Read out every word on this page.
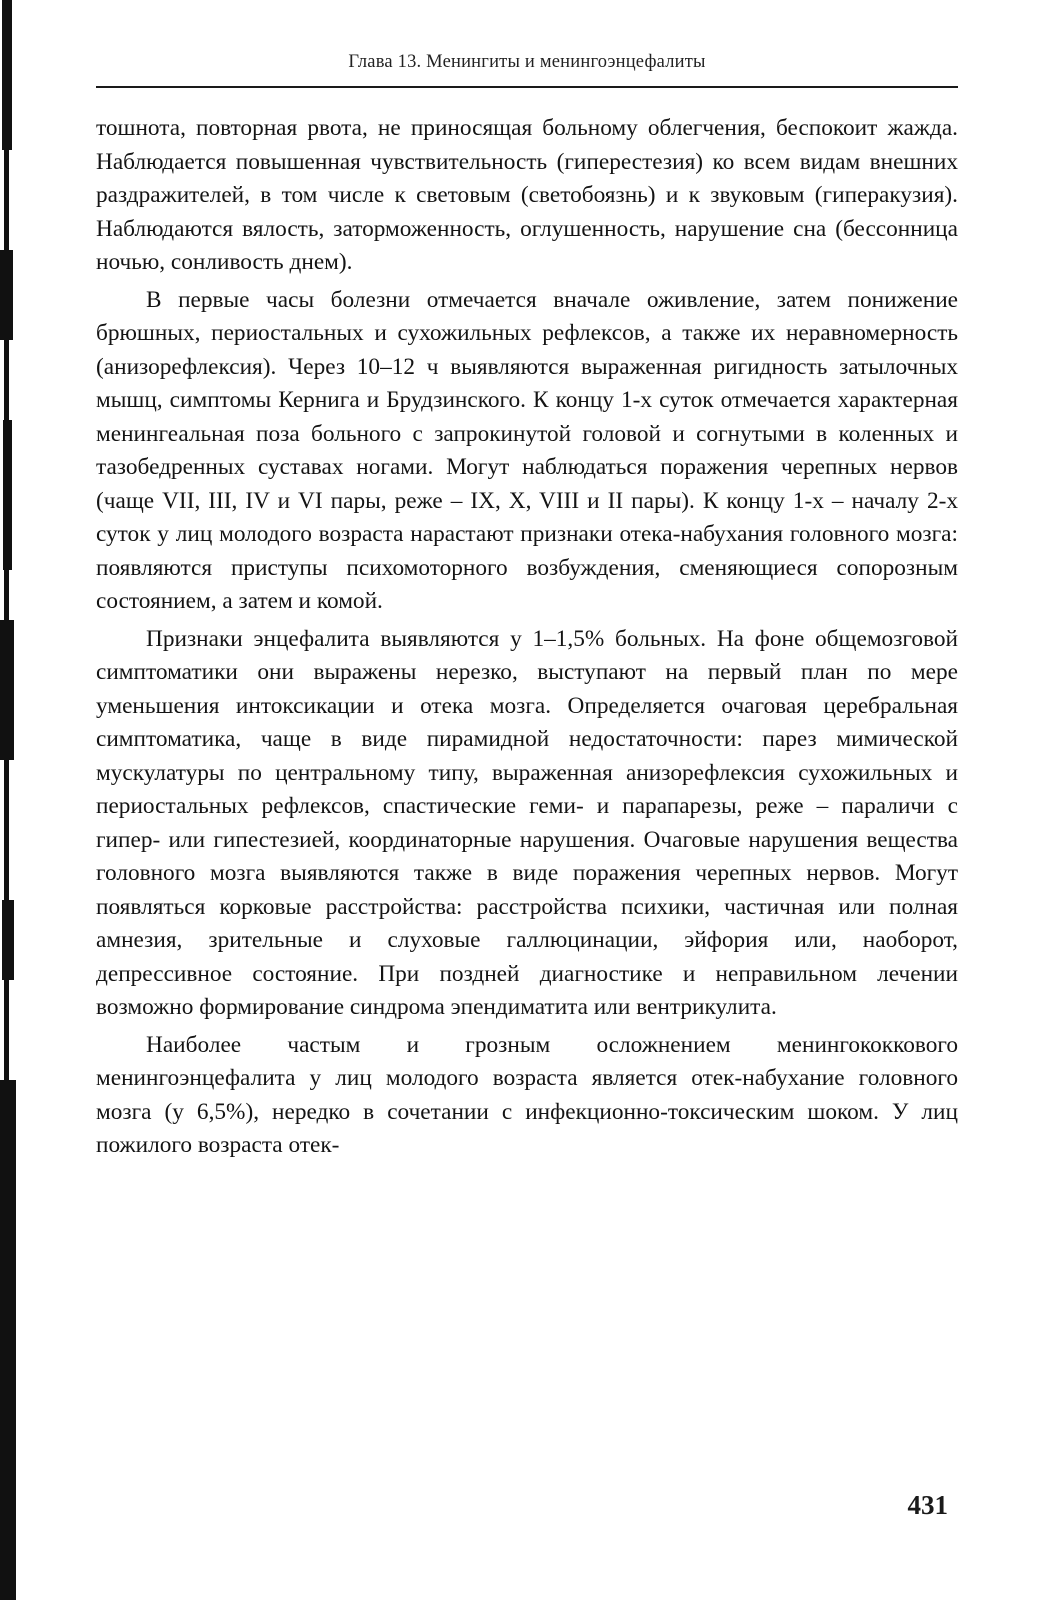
Глава 13. Менингиты и менингоэнцефалиты

тошнота, повторная рвота, не приносящая больному облегчения, беспокоит жажда. Наблюдается повышенная чувствительность (гиперестезия) ко всем видам внешних раздражителей, в том числе к световым (светобоязнь) и к звуковым (гиперакузия). Наблюдаются вялость, заторможенность, оглушенность, нарушение сна (бессонница ночью, сонливость днем).

В первые часы болезни отмечается вначале оживление, затем понижение брюшных, периостальных и сухожильных рефлексов, а также их неравномерность (анизорефлексия). Через 10–12 ч выявляются выраженная ригидность затылочных мышц, симптомы Кернига и Брудзинского. К концу 1-х суток отмечается характерная менингеальная поза больного с запрокинутой головой и согнутыми в коленных и тазобедренных суставах ногами. Могут наблюдаться поражения черепных нервов (чаще VII, III, IV и VI пары, реже – IX, X, VIII и II пары). К концу 1-х – началу 2-х суток у лиц молодого возраста нарастают признаки отека-набухания головного мозга: появляются приступы психомоторного возбуждения, сменяющиеся сопорозным состоянием, а затем и комой.

Признаки энцефалита выявляются у 1–1,5% больных. На фоне общемозговой симптоматики они выражены нерезко, выступают на первый план по мере уменьшения интоксикации и отека мозга. Определяется очаговая церебральная симптоматика, чаще в виде пирамидной недостаточности: парез мимической мускулатуры по центральному типу, выраженная анизорефлексия сухожильных и периостальных рефлексов, спастические геми- и парапарезы, реже – параличи с гипер- или гипестезией, координаторные нарушения. Очаговые нарушения вещества головного мозга выявляются также в виде поражения черепных нервов. Могут появляться корковые расстройства: расстройства психики, частичная или полная амнезия, зрительные и слуховые галлюцинации, эйфория или, наоборот, депрессивное состояние. При поздней диагностике и неправильном лечении возможно формирование синдрома эпендиматита или вентрикулита.

Наиболее частым и грозным осложнением менингококкового менингоэнцефалита у лиц молодого возраста является отек-набухание головного мозга (у 6,5%), нередко в сочетании с инфекционно-токсическим шоком. У лиц пожилого возраста отек-

431
